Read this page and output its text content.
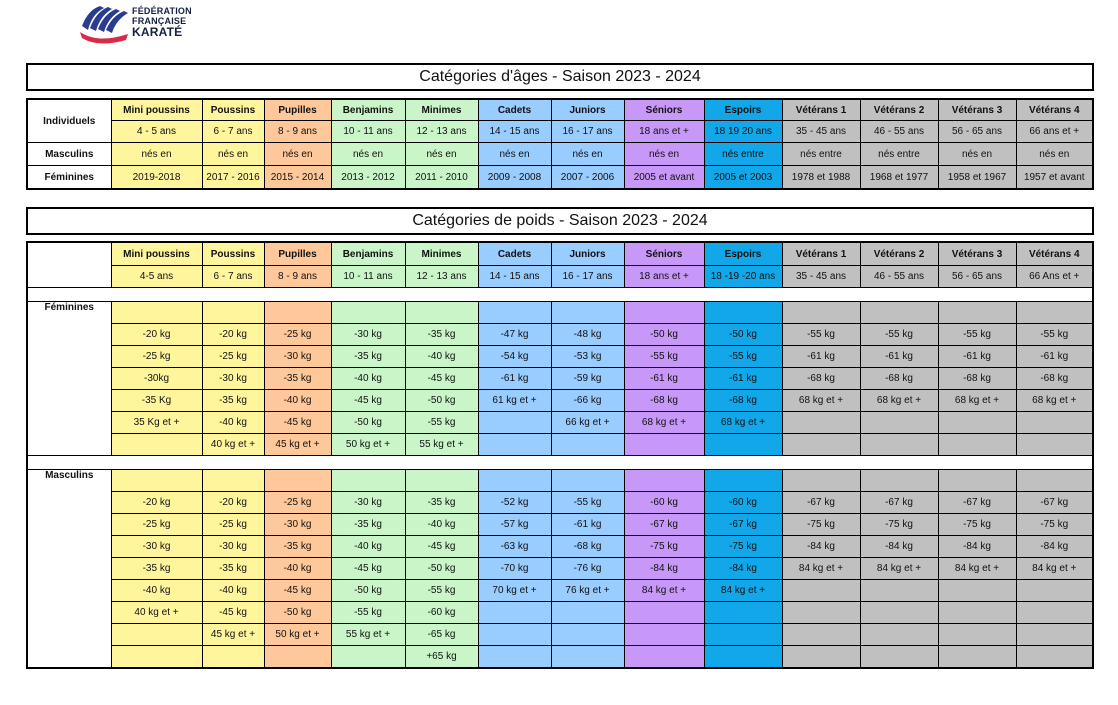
FÉDÉRATION
FRANÇAISE
KARATÉ
Catégories d'âges - Saison 2023 - 2024
Individuels	Mini poussins	Poussins	Pupilles	Benjamins	Minimes	Cadets	Juniors	Séniors	Espoirs	Vétérans 1	Vétérans 2	Vétérans 3	Vétérans 4
	4 - 5 ans	6 - 7 ans	8 - 9 ans	10 - 11 ans	12 - 13 ans	14 - 15 ans	16 - 17 ans	18 ans et +	18 19 20 ans	35 - 45 ans	46 - 55 ans	56 - 65 ans	66 ans et +
Masculins	nés en	nés en	nés en	nés en	nés en	nés en	nés en	nés en	nés entre	nés entre	nés entre	nés en	nés en
Féminines	2019-2018	2017 - 2016	2015 - 2014	2013 - 2012	2011 - 2010	2009 - 2008	2007 - 2006	2005 et avant	2005 et 2003	1978 et 1988	1968 et 1977	1958 et 1967	1957 et avant
Catégories de poids - Saison 2023 - 2024
	Mini poussins	Poussins	Pupilles	Benjamins	Minimes	Cadets	Juniors	Séniors	Espoirs	Vétérans 1	Vétérans 2	Vétérans 3	Vétérans 4
	4-5 ans	6 - 7 ans	8 - 9 ans	10 - 11 ans	12 - 13 ans	14 - 15 ans	16 - 17 ans	18 ans et +	18 -19 -20 ans	35 - 45 ans	46 - 55 ans	56 - 65 ans	66 Ans et +

Féminines													
	-20 kg	-20 kg	-25 kg	-30 kg	-35 kg	-47 kg	-48 kg	-50 kg	-50 kg	-55 kg	-55 kg	-55 kg	-55 kg
	-25 kg	-25 kg	-30 kg	-35 kg	-40 kg	-54 kg	-53 kg	-55 kg	-55 kg	-61 kg	-61 kg	-61 kg	-61 kg
	-30kg	-30 kg	-35 kg	-40 kg	-45 kg	-61 kg	-59 kg	-61 kg	-61 kg	-68 kg	-68 kg	-68 kg	-68 kg
	-35 Kg	-35 kg	-40 kg	-45 kg	-50 kg	61 kg et +	-66 kg	-68 kg	-68 kg	68 kg et +	68 kg et +	68 kg et +	68 kg et +
	35 Kg et +	-40 kg	-45 kg	-50 kg	-55 kg		66 kg et +	68 kg et +	68 kg et +				
		40 kg et +	45 kg et +	50 kg et +	55 kg et +								

Masculins													
	-20 kg	-20 kg	-25 kg	-30 kg	-35 kg	-52 kg	-55 kg	-60 kg	-60 kg	-67 kg	-67 kg	-67 kg	-67 kg
	-25 kg	-25 kg	-30 kg	-35 kg	-40 kg	-57 kg	-61 kg	-67 kg	-67 kg	-75 kg	-75 kg	-75 kg	-75 kg
	-30 kg	-30 kg	-35 kg	-40 kg	-45 kg	-63 kg	-68 kg	-75 kg	-75 kg	-84 kg	-84 kg	-84 kg	-84 kg
	-35 kg	-35 kg	-40 kg	-45 kg	-50 kg	-70 kg	-76 kg	-84 kg	-84 kg	84 kg et +	84 kg et +	84 kg et +	84 kg et +
	-40 kg	-40 kg	-45 kg	-50 kg	-55 kg	70 kg et +	76 kg et +	84 kg et +	84 kg et +				
	40 kg et +	-45 kg	-50 kg	-55 kg	-60 kg								
		45 kg et +	50 kg et +	55 kg et +	-65 kg								
					+65 kg								
